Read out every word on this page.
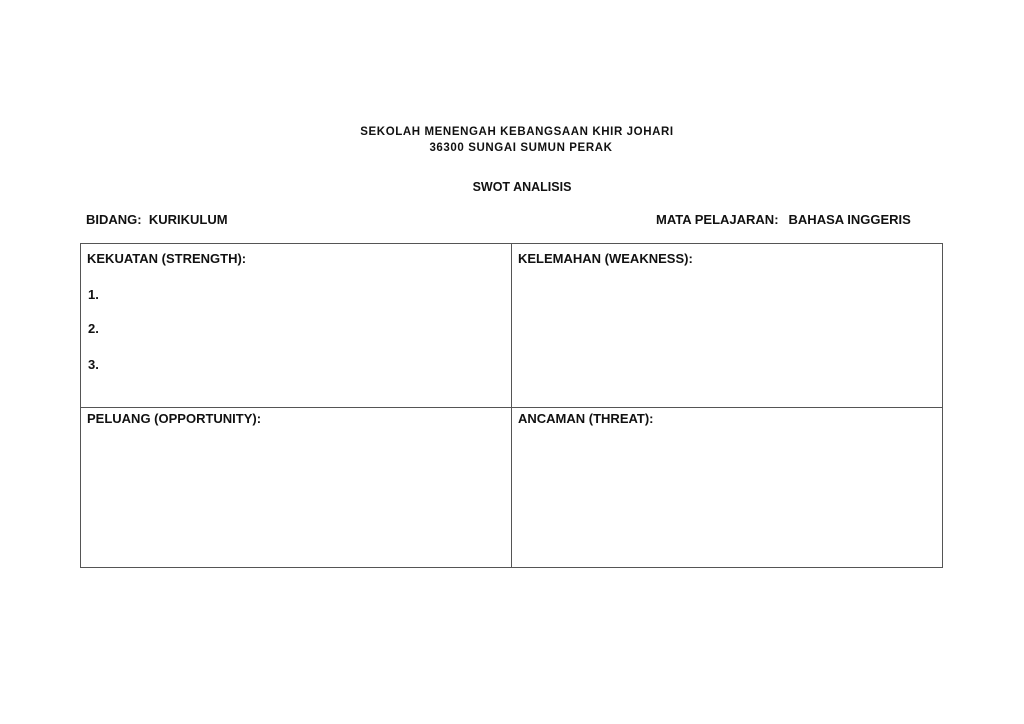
SEKOLAH MENENGAH KEBANGSAAN KHIR JOHARI
36300 SUNGAI SUMUN PERAK
SWOT ANALISIS
BIDANG: KURIKULUM	MATA PELAJARAN: BAHASA INGGERIS
KEKUATAN (STRENGTH):
1.
2.
3.
KELEMAHAN (WEAKNESS):
PELUANG (OPPORTUNITY):	ANCAMAN (THREAT):
